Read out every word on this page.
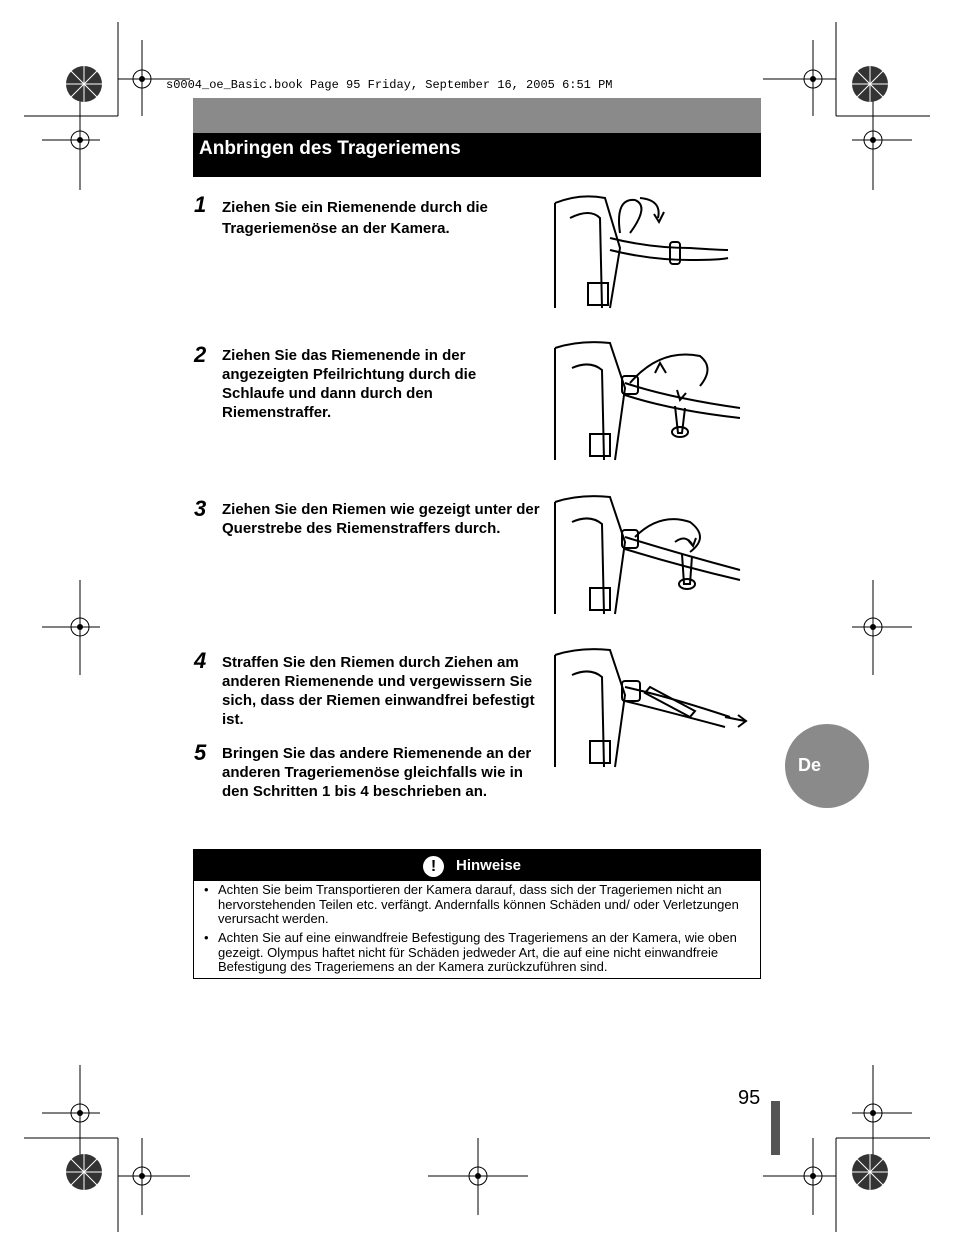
s0004_oe_Basic.book Page 95 Friday, September 16, 2005 6:51 PM
Anbringen des Trageriemens
1 Ziehen Sie ein Riemenende durch die Trageriemenöse an der Kamera.
2 Ziehen Sie das Riemenende in der angezeigten Pfeilrichtung durch die Schlaufe und dann durch den Riemenstraffer.
3 Ziehen Sie den Riemen wie gezeigt unter der Querstrebe des Riemenstraffers durch.
4 Straffen Sie den Riemen durch Ziehen am anderen Riemenende und vergewissern Sie sich, dass der Riemen einwandfrei befestigt ist.
5 Bringen Sie das andere Riemenende an der anderen Trageriemenöse gleichfalls wie in den Schritten 1 bis 4 beschrieben an.
De
!	Hinweise
• Achten Sie beim Transportieren der Kamera darauf, dass sich der Trageriemen nicht an hervorstehenden Teilen etc. verfängt. Andernfalls können Schäden und/ oder Verletzungen verursacht werden.
• Achten Sie auf eine einwandfreie Befestigung des Trageriemens an der Kamera, wie oben gezeigt. Olympus haftet nicht für Schäden jedweder Art, die auf eine nicht einwandfreie Befestigung des Trageriemens an der Kamera zurückzuführen sind.
95
